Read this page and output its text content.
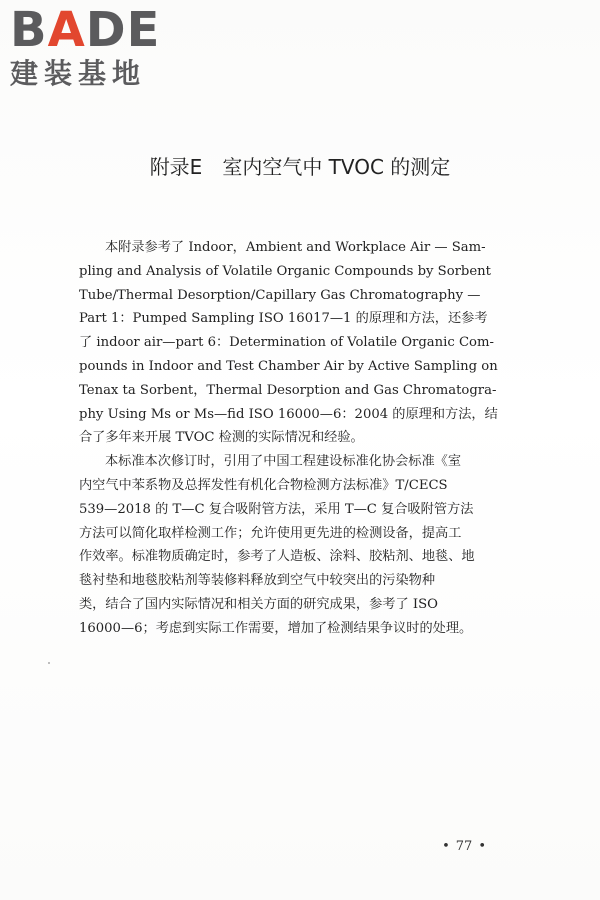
BADE
建装基地
附录E　室内空气中 TVOC 的测定

本附录参考了 Indoor，Ambient and Workplace Air — Sam-
pling and Analysis of Volatile Organic Compounds by Sorbent
Tube/Thermal Desorption/Capillary Gas Chromatography —
Part 1：Pumped Sampling ISO 16017—1 的原理和方法，还参考
了 indoor air—part 6：Determination of Volatile Organic Com-
pounds in Indoor and Test Chamber Air by Active Sampling on
Tenax ta Sorbent，Thermal Desorption and Gas Chromatogra-
phy Using Ms or Ms—fid ISO 16000—6：2004 的原理和方法，结
合了多年来开展 TVOC 检测的实际情况和经验。

本标准本次修订时，引用了中国工程建设标准化协会标准《室
内空气中苯系物及总挥发性有机化合物检测方法标准》T/CECS
539—2018 的 T—C 复合吸附管方法，采用 T—C 复合吸附管方法
方法可以简化取样检测工作；允许使用更先进的检测设备，提高工
作效率。标准物质确定时，参考了人造板、涂料、胶粘剂、地毯、地
毯衬垫和地毯胶粘剂等装修料释放到空气中较突出的污染物种
类，结合了国内实际情况和相关方面的研究成果，参考了 ISO
16000—6；考虑到实际工作需要，增加了检测结果争议时的处理。

• 77 •
